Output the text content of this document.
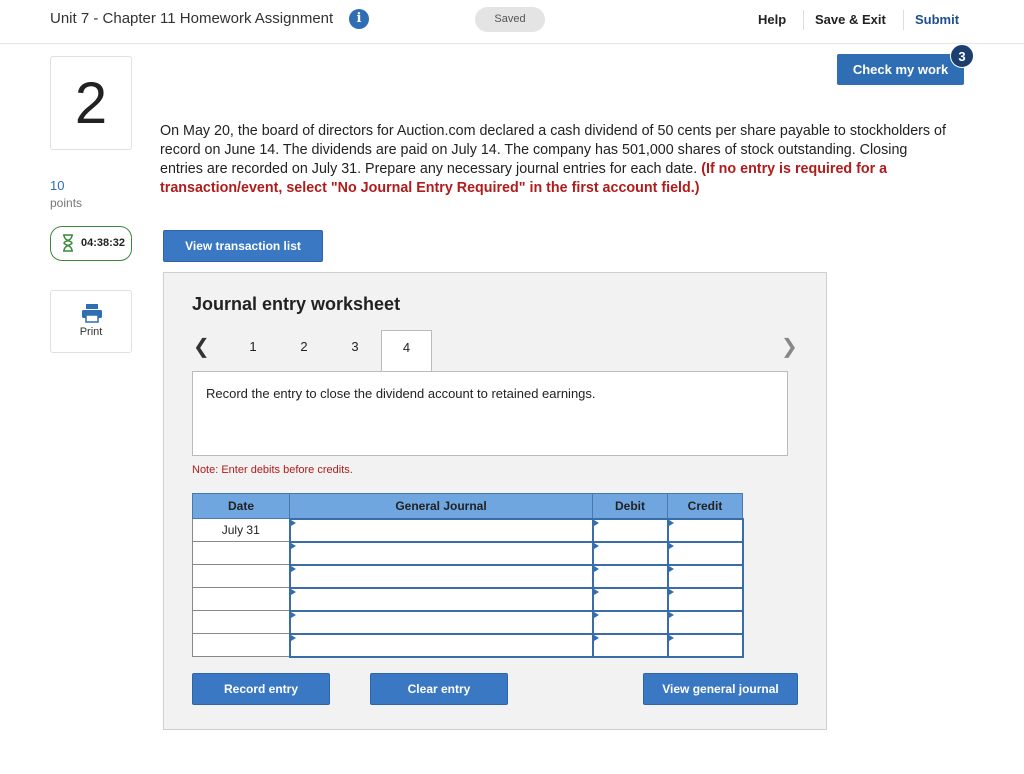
Unit 7 - Chapter 11 Homework Assignment	i	Saved	Help Save & Exit Submit
2
10
points
04:38:32
Print
Check my work
3
On May 20, the board of directors for Auction.com declared a cash dividend of 50 cents per share payable to stockholders of record on June 14. The dividends are paid on July 14. The company has 501,000 shares of stock outstanding. Closing entries are recorded on July 31. Prepare any necessary journal entries for each date. (If no entry is required for a transaction/event, select "No Journal Entry Required" in the first account field.)
View transaction list
Journal entry worksheet
❮	1	2	3	4	❯
Record the entry to close the dividend account to retained earnings.
Note: Enter debits before credits.
Date	General Journal	Debit	Credit
July 31			

Record entry	Clear entry	View general journal
